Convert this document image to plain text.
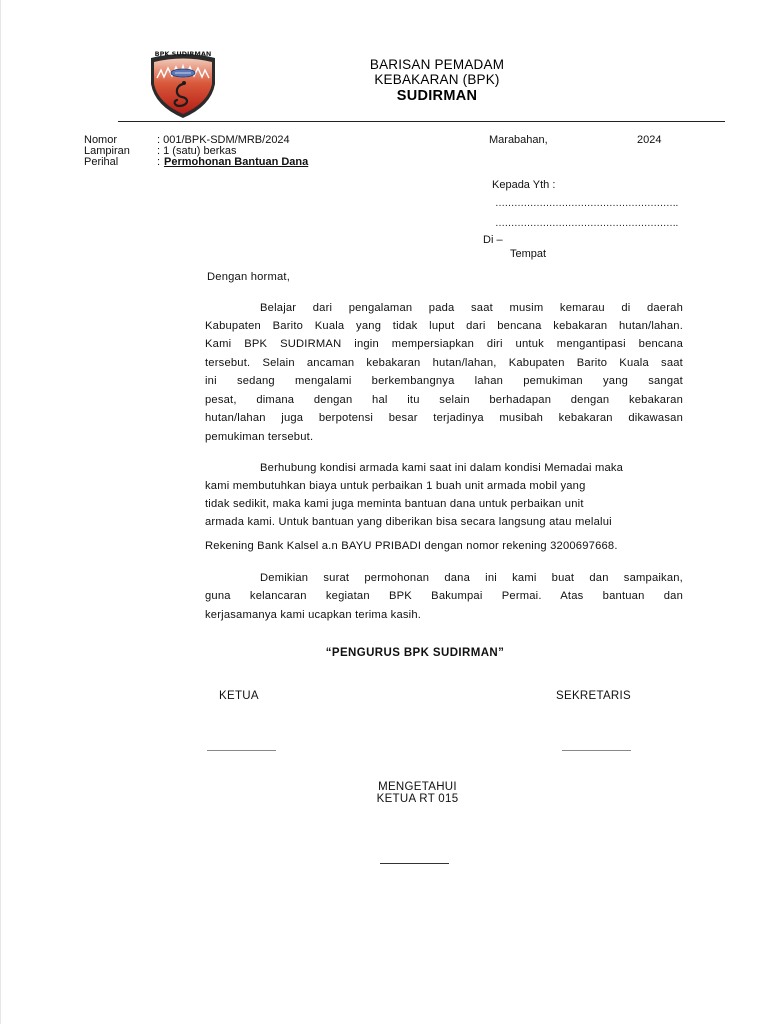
BPK SUDIRMAN
BARISAN PEMADAM
KEBAKARAN (BPK)
SUDIRMAN
Nomor	: 001/BPK-SDM/MRB/2024
Lampiran : 1 (satu) berkas
Perihal	: Permohonan Bantuan Dana
Marabahan,	2024
Kepada Yth :
………………………………………………….
………………………………………………….
Di –
Tempat
Dengan hormat,
Belajar dari pengalaman pada saat musim kemarau di daerah
Kabupaten Barito Kuala yang tidak luput dari bencana kebakaran hutan/lahan.
Kami BPK SUDIRMAN ingin mempersiapkan diri untuk mengantipasi bencana
tersebut. Selain ancaman kebakaran hutan/lahan, Kabupaten Barito Kuala saat
ini sedang mengalami berkembangnya lahan pemukiman yang sangat
pesat, dimana dengan hal itu selain berhadapan dengan kebakaran
hutan/lahan juga berpotensi besar terjadinya musibah kebakaran dikawasan
pemukiman tersebut.
Berhubung kondisi armada kami saat ini dalam kondisi Memadai maka
kami membutuhkan biaya untuk perbaikan 1 buah unit armada mobil yang
tidak sedikit, maka kami juga meminta bantuan dana untuk perbaikan unit
armada kami. Untuk bantuan yang diberikan bisa secara langsung atau melalui
Rekening Bank Kalsel a.n BAYU PRIBADI dengan nomor rekening 3200697668.
Demikian surat permohonan dana ini kami buat dan sampaikan,
guna kelancaran kegiatan BPK Bakumpai Permai. Atas bantuan dan
kerjasamanya kami ucapkan terima kasih.
“PENGURUS BPK SUDIRMAN”
KETUA	SEKRETARIS
MENGETAHUI
KETUA RT 015
